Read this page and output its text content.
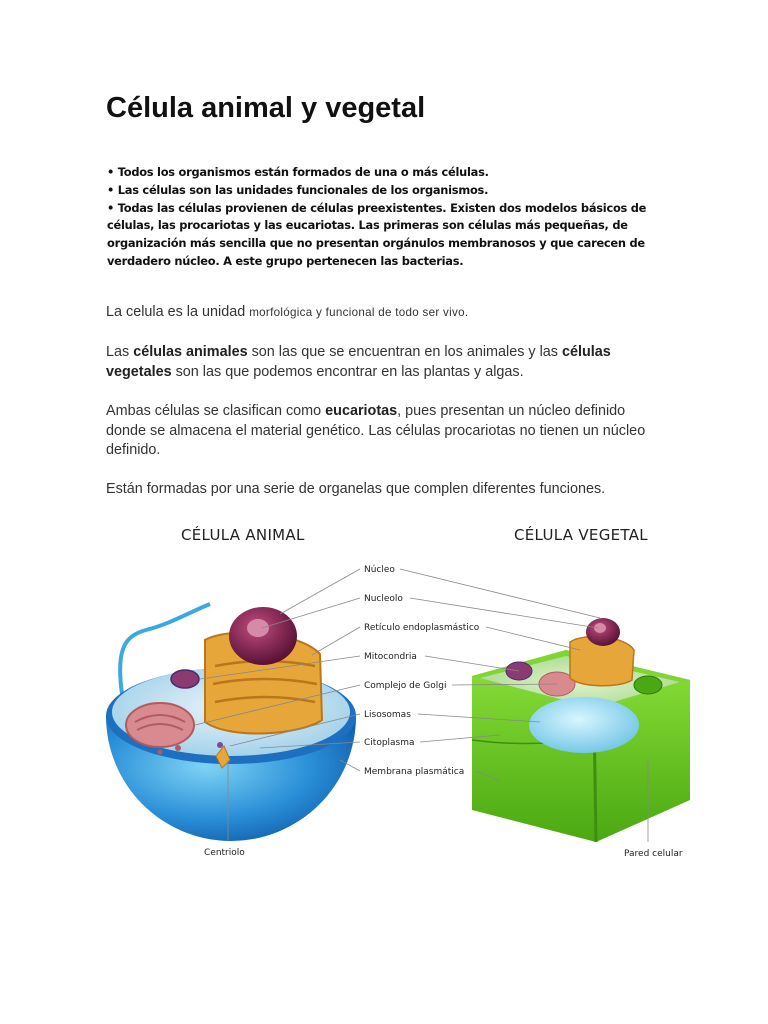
Célula animal y vegetal
• Todos los organismos están formados de una o más células.
• Las células son las unidades funcionales de los organismos.
• Todas las células provienen de células preexistentes. Existen dos modelos básicos de células, las procariotas y las eucariotas. Las primeras son células más pequeñas, de organización más sencilla que no presentan orgánulos membranosos y que carecen de verdadero núcleo. A este grupo pertenecen las bacterias.

La celula es la unidad morfológica y funcional de todo ser vivo.

Las células animales son las que se encuentran en los animales y las células vegetales son las que podemos encontrar en las plantas y algas.

Ambas células se clasifican como eucariotas, pues presentan un núcleo definido donde se almacena el material genético. Las células procariotas no tienen un núcleo definido.

Están formadas por una serie de organelas que complen diferentes funciones.

CÉLULA ANIMAL	CÉLULA VEGETAL
Núcleo
Nucleolo
Retículo endoplasmástico
Mitocondria
Complejo de Golgi
Lisosomas
Citoplasma
Membrana plasmática
Centriolo	Pared celular
